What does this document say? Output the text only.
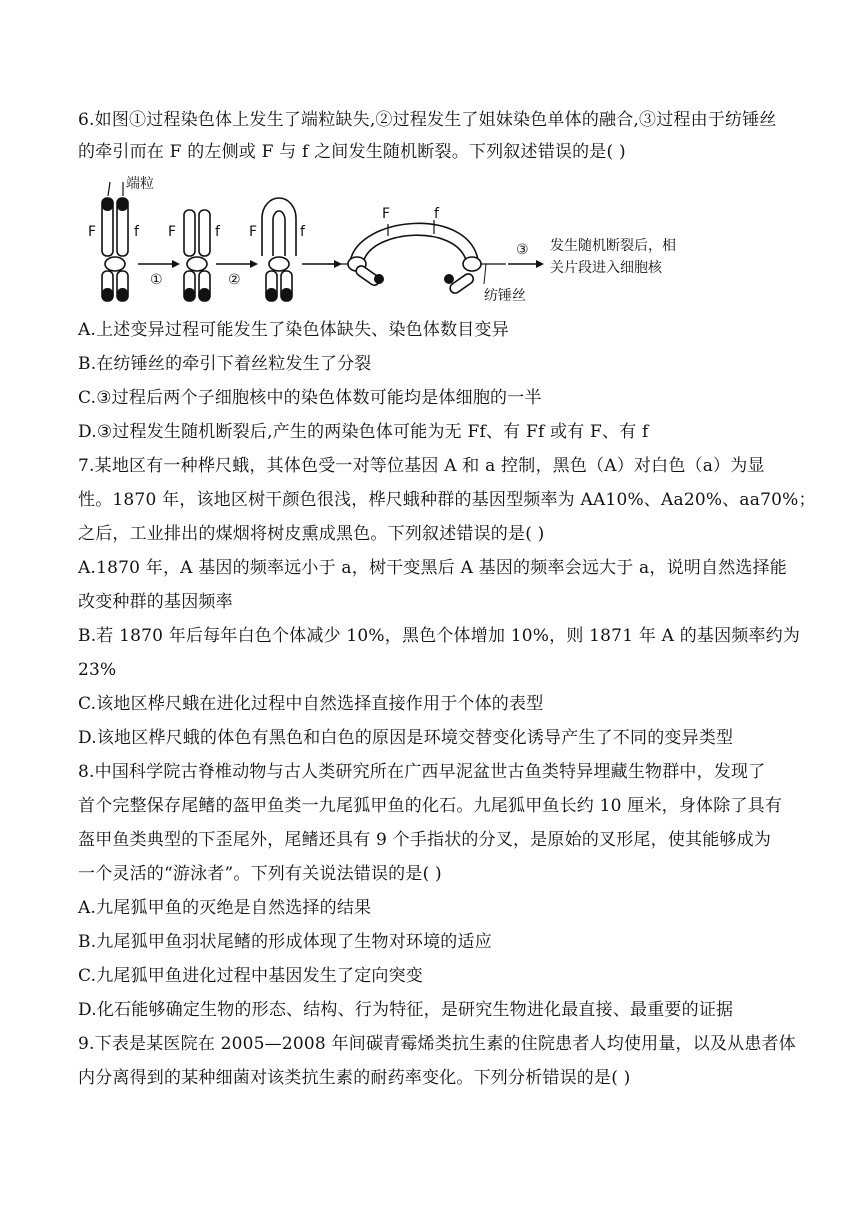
6.如图①过程染色体上发生了端粒缺失,②过程发生了姐妹染色单体的融合,③过程由于纺锤丝
的牵引而在 F 的左侧或 F 与 f 之间发生随机断裂。下列叙述错误的是( )
端粒
F	f
①
F	f
②
F	f
F	f
纺锤丝
③ 发生随机断裂后，相
关片段进入细胞核
A.上述变异过程可能发生了染色体缺失、染色体数目变异
B.在纺锤丝的牵引下着丝粒发生了分裂
C.③过程后两个子细胞核中的染色体数可能均是体细胞的一半
D.③过程发生随机断裂后,产生的两染色体可能为无 Ff、有 Ff 或有 F、有 f
7.某地区有一种桦尺蛾，其体色受一对等位基因 A 和 a 控制，黑色（A）对白色（a）为显
性。1870 年，该地区树干颜色很浅，桦尺蛾种群的基因型频率为 AA10%、Aa20%、aa70%；
之后，工业排出的煤烟将树皮熏成黑色。下列叙述错误的是( )
A.1870 年，A 基因的频率远小于 a，树干变黑后 A 基因的频率会远大于 a，说明自然选择能
改变种群的基因频率
B.若 1870 年后每年白色个体减少 10%，黑色个体增加 10%，则 1871 年 A 的基因频率约为
23%
C.该地区桦尺蛾在进化过程中自然选择直接作用于个体的表型
D.该地区桦尺蛾的体色有黑色和白色的原因是环境交替变化诱导产生了不同的变异类型
8.中国科学院古脊椎动物与古人类研究所在广西早泥盆世古鱼类特异埋藏生物群中，发现了
首个完整保存尾鳍的盔甲鱼类一九尾狐甲鱼的化石。九尾狐甲鱼长约 10 厘米，身体除了具有
盔甲鱼类典型的下歪尾外，尾鳍还具有 9 个手指状的分叉，是原始的叉形尾，使其能够成为
一个灵活的“游泳者”。下列有关说法错误的是( )
A.九尾狐甲鱼的灭绝是自然选择的结果
B.九尾狐甲鱼羽状尾鳍的形成体现了生物对环境的适应
C.九尾狐甲鱼进化过程中基因发生了定向突变
D.化石能够确定生物的形态、结构、行为特征，是研究生物进化最直接、最重要的证据
9.下表是某医院在 2005—2008 年间碳青霉烯类抗生素的住院患者人均使用量，以及从患者体
内分离得到的某种细菌对该类抗生素的耐药率变化。下列分析错误的是( )
